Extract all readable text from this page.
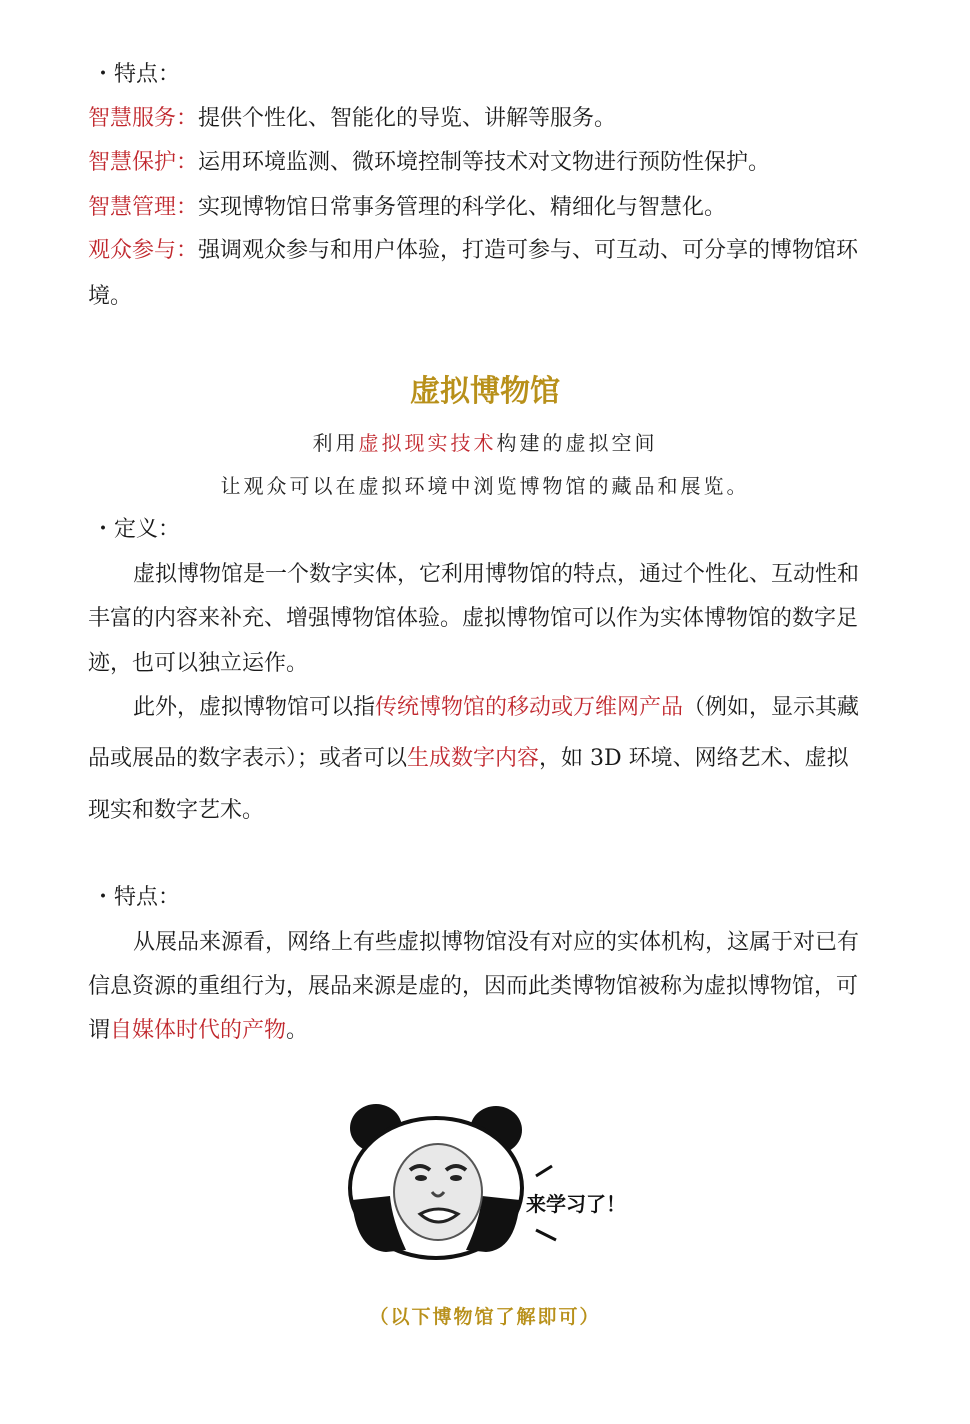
・特点：
智慧服务：提供个性化、智能化的导览、讲解等服务。
智慧保护：运用环境监测、微环境控制等技术对文物进行预防性保护。
智慧管理：实现博物馆日常事务管理的科学化、精细化与智慧化。
观众参与：强调观众参与和用户体验，打造可参与、可互动、可分享的博物馆环
境。
虚拟博物馆
利用虚拟现实技术构建的虚拟空间
让观众可以在虚拟环境中浏览博物馆的藏品和展览。
・定义：
虚拟博物馆是一个数字实体，它利用博物馆的特点，通过个性化、互动性和
丰富的内容来补充、增强博物馆体验。虚拟博物馆可以作为实体博物馆的数字足
迹，也可以独立运作。
此外，虚拟博物馆可以指传统博物馆的移动或万维网产品（例如，显示其藏
品或展品的数字表示）；或者可以生成数字内容，如 3D 环境、网络艺术、虚拟
现实和数字艺术。
・特点：
从展品来源看，网络上有些虚拟博物馆没有对应的实体机构，这属于对已有
信息资源的重组行为，展品来源是虚的，因而此类博物馆被称为虚拟博物馆，可
谓自媒体时代的产物。
来学习了！
（以下博物馆了解即可）
